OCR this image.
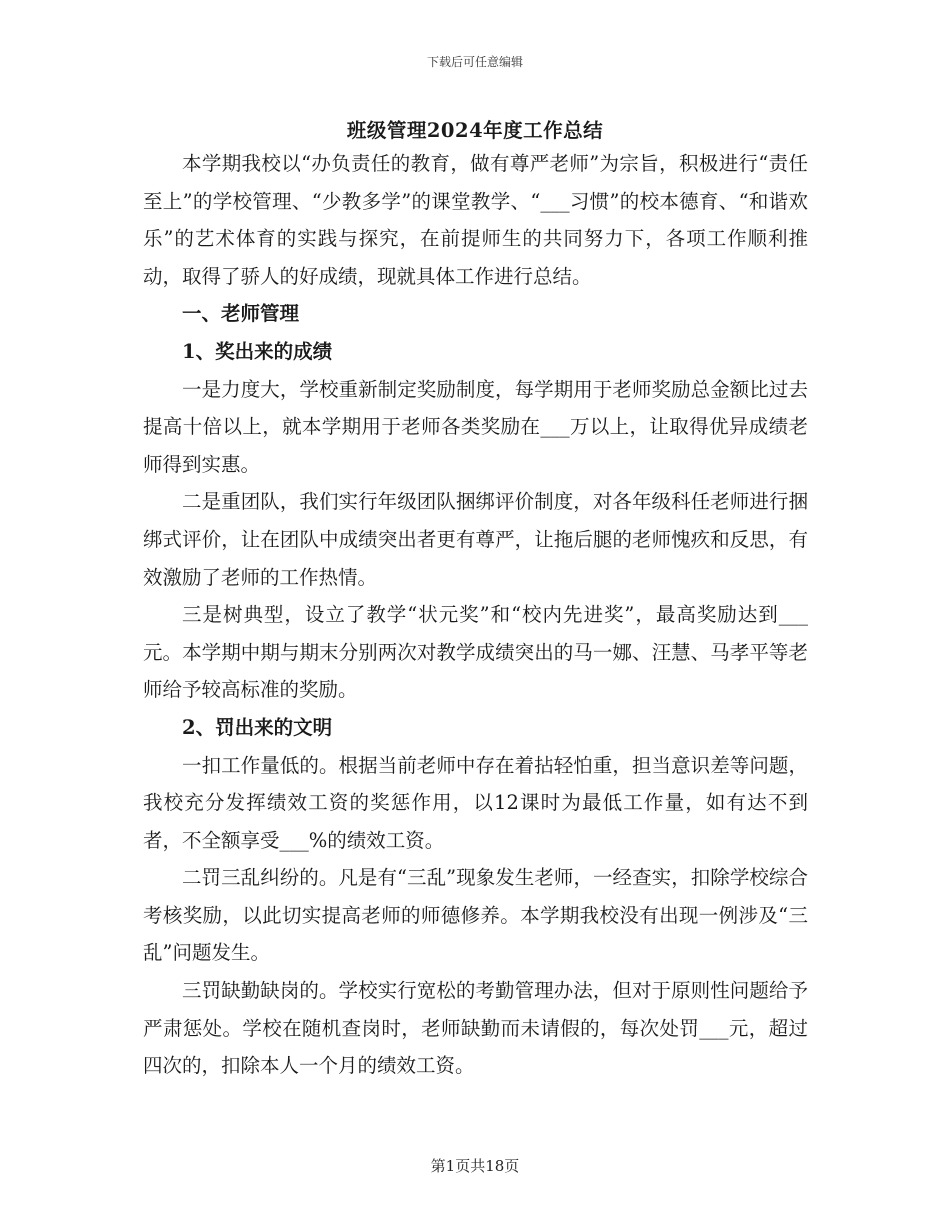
下载后可任意编辑
班级管理2024年度工作总结

本学期我校以“办负责任的教育，做有尊严老师”为宗旨，积极进行“责任至上”的学校管理、“少教多学”的课堂教学、“___习惯”的校本德育、“和谐欢乐”的艺术体育的实践与探究，在前提师生的共同努力下，各项工作顺利推动，取得了骄人的好成绩，现就具体工作进行总结。

一、老师管理

1、奖出来的成绩

一是力度大，学校重新制定奖励制度，每学期用于老师奖励总金额比过去提高十倍以上，就本学期用于老师各类奖励在___万以上，让取得优异成绩老师得到实惠。

二是重团队，我们实行年级团队捆绑评价制度，对各年级科任老师进行捆绑式评价，让在团队中成绩突出者更有尊严，让拖后腿的老师愧疚和反思，有效激励了老师的工作热情。

三是树典型，设立了教学“状元奖”和“校内先进奖”，最高奖励达到___元。本学期中期与期末分别两次对教学成绩突出的马一娜、汪慧、马孝平等老师给予较高标准的奖励。

2、罚出来的文明

一扣工作量低的。根据当前老师中存在着拈轻怕重，担当意识差等问题，我校充分发挥绩效工资的奖惩作用，以12课时为最低工作量，如有达不到者，不全额享受___%的绩效工资。

二罚三乱纠纷的。凡是有“三乱”现象发生老师，一经查实，扣除学校综合考核奖励，以此切实提高老师的师德修养。本学期我校没有出现一例涉及“三乱”问题发生。

三罚缺勤缺岗的。学校实行宽松的考勤管理办法，但对于原则性问题给予严肃惩处。学校在随机查岗时，老师缺勤而未请假的，每次处罚___元，超过四次的，扣除本人一个月的绩效工资。

第1页共18页
